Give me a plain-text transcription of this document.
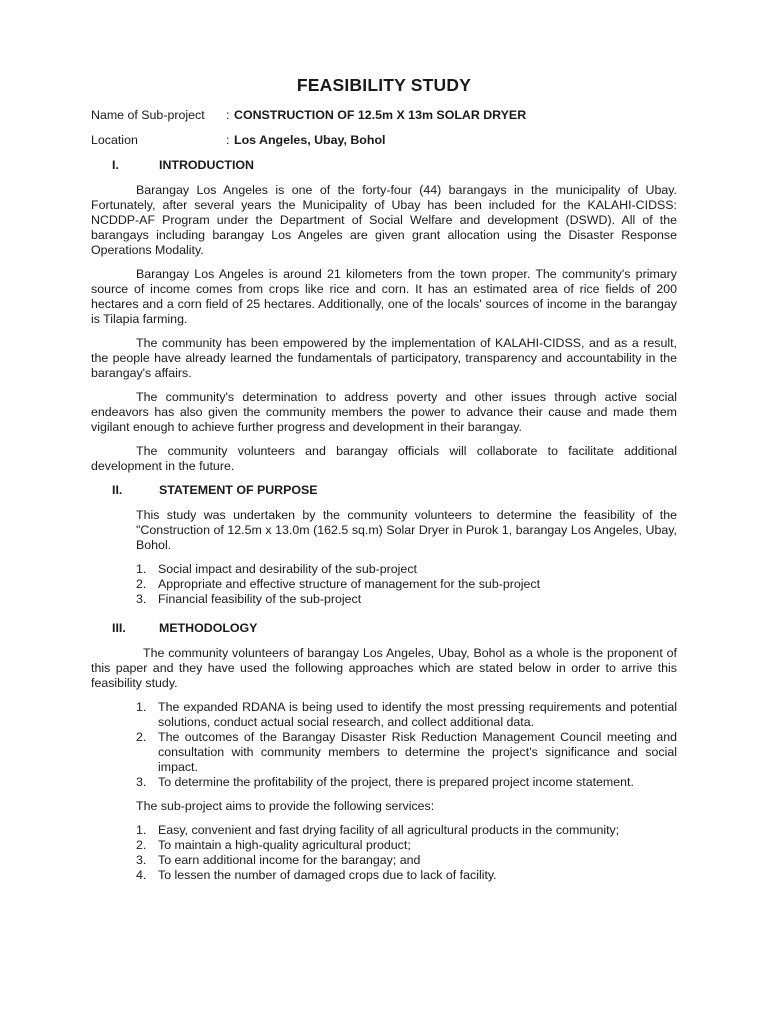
FEASIBILITY STUDY
Name of Sub-project	: CONSTRUCTION OF 12.5m X 13m SOLAR DRYER
Location	: Los Angeles, Ubay, Bohol
I.	INTRODUCTION

Barangay Los Angeles is one of the forty-four (44) barangays in the municipality of Ubay. Fortunately, after several years the Municipality of Ubay has been included for the KALAHI-CIDSS: NCDDP-AF Program under the Department of Social Welfare and development (DSWD). All of the barangays including barangay Los Angeles are given grant allocation using the Disaster Response Operations Modality.

Barangay Los Angeles is around 21 kilometers from the town proper. The community's primary source of income comes from crops like rice and corn. It has an estimated area of rice fields of 200 hectares and a corn field of 25 hectares. Additionally, one of the locals' sources of income in the barangay is Tilapia farming.

The community has been empowered by the implementation of KALAHI-CIDSS, and as a result, the people have already learned the fundamentals of participatory, transparency and accountability in the barangay's affairs.

The community's determination to address poverty and other issues through active social endeavors has also given the community members the power to advance their cause and made them vigilant enough to achieve further progress and development in their barangay.

The community volunteers and barangay officials will collaborate to facilitate additional development in the future.

II.	STATEMENT OF PURPOSE

This study was undertaken by the community volunteers to determine the feasibility of the "Construction of 12.5m x 13.0m (162.5 sq.m) Solar Dryer in Purok 1, barangay Los Angeles, Ubay, Bohol.

1. Social impact and desirability of the sub-project
2. Appropriate and effective structure of management for the sub-project
3. Financial feasibility of the sub-project
III.	METHODOLOGY

The community volunteers of barangay Los Angeles, Ubay, Bohol as a whole is the proponent of this paper and they have used the following approaches which are stated below in order to arrive this feasibility study.

1. The expanded RDANA is being used to identify the most pressing requirements and potential solutions, conduct actual social research, and collect additional data.
2. The outcomes of the Barangay Disaster Risk Reduction Management Council meeting and consultation with community members to determine the project's significance and social impact.
3. To determine the profitability of the project, there is prepared project income statement.

The sub-project aims to provide the following services:

1. Easy, convenient and fast drying facility of all agricultural products in the community;
2. To maintain a high-quality agricultural product;
3. To earn additional income for the barangay; and
4. To lessen the number of damaged crops due to lack of facility.
